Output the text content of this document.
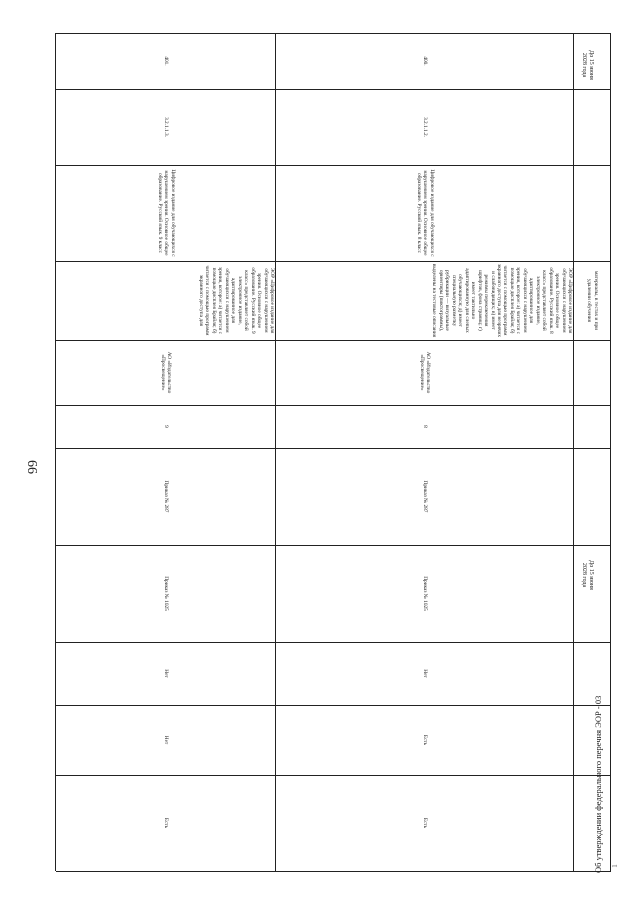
66
материалы, в тестах и при удалении обучения
400.
3.2.1.1.2.
Цифровое издание для обучающихся с нарушением зрения. Основное общее образование. Русский язык. 8 класс
ЭОР «Цифровое издание для обучающихся с нарушением зрения. Основное общее образование. Русский язык. 8 класс» представляет собой электронное издание, адаптированное для обучающихся с нарушением зрения, которое: а) читается с помощью дисплея Брайля; б) читается с помощью программ экранного доступа для незрячих и слабовидящих; в) имеет режимы переключения шрифтов, фона страниц; г) имеет тактильно адаптированную для слепых обучающихся; д) имеет специальную разметку рубрикации — визуальные ориентиры (пиктограммы), выделены на тестовые описания
АО «Издательство «Просвещение»
8
Приказ № 287
Приказ № 1025
Нет
Есть
Есть
401.
3.2.1.1.3.
Цифровое издание для обучающихся с нарушением зрения. Основное общее образование. Русский язык. 9 класс
ЭОР «Цифровое издание для обучающихся с нарушением зрения. Основное общее образование. Русский язык. 9 класс» представляет собой электронное издание, адаптированное для обучающихся с нарушением зрения, которое: а) читается с помощью дисплея Брайля; б) читается с помощью программ экранного доступа для
АО «Издательство «Просвещение»
9
Приказ № 287
Приказ № 1025
Нет
Нет
Есть
До 15 июня 2028 года
До 15 июня 2028 года
Об утверждении федерального перечня ЭОР - 03 1
